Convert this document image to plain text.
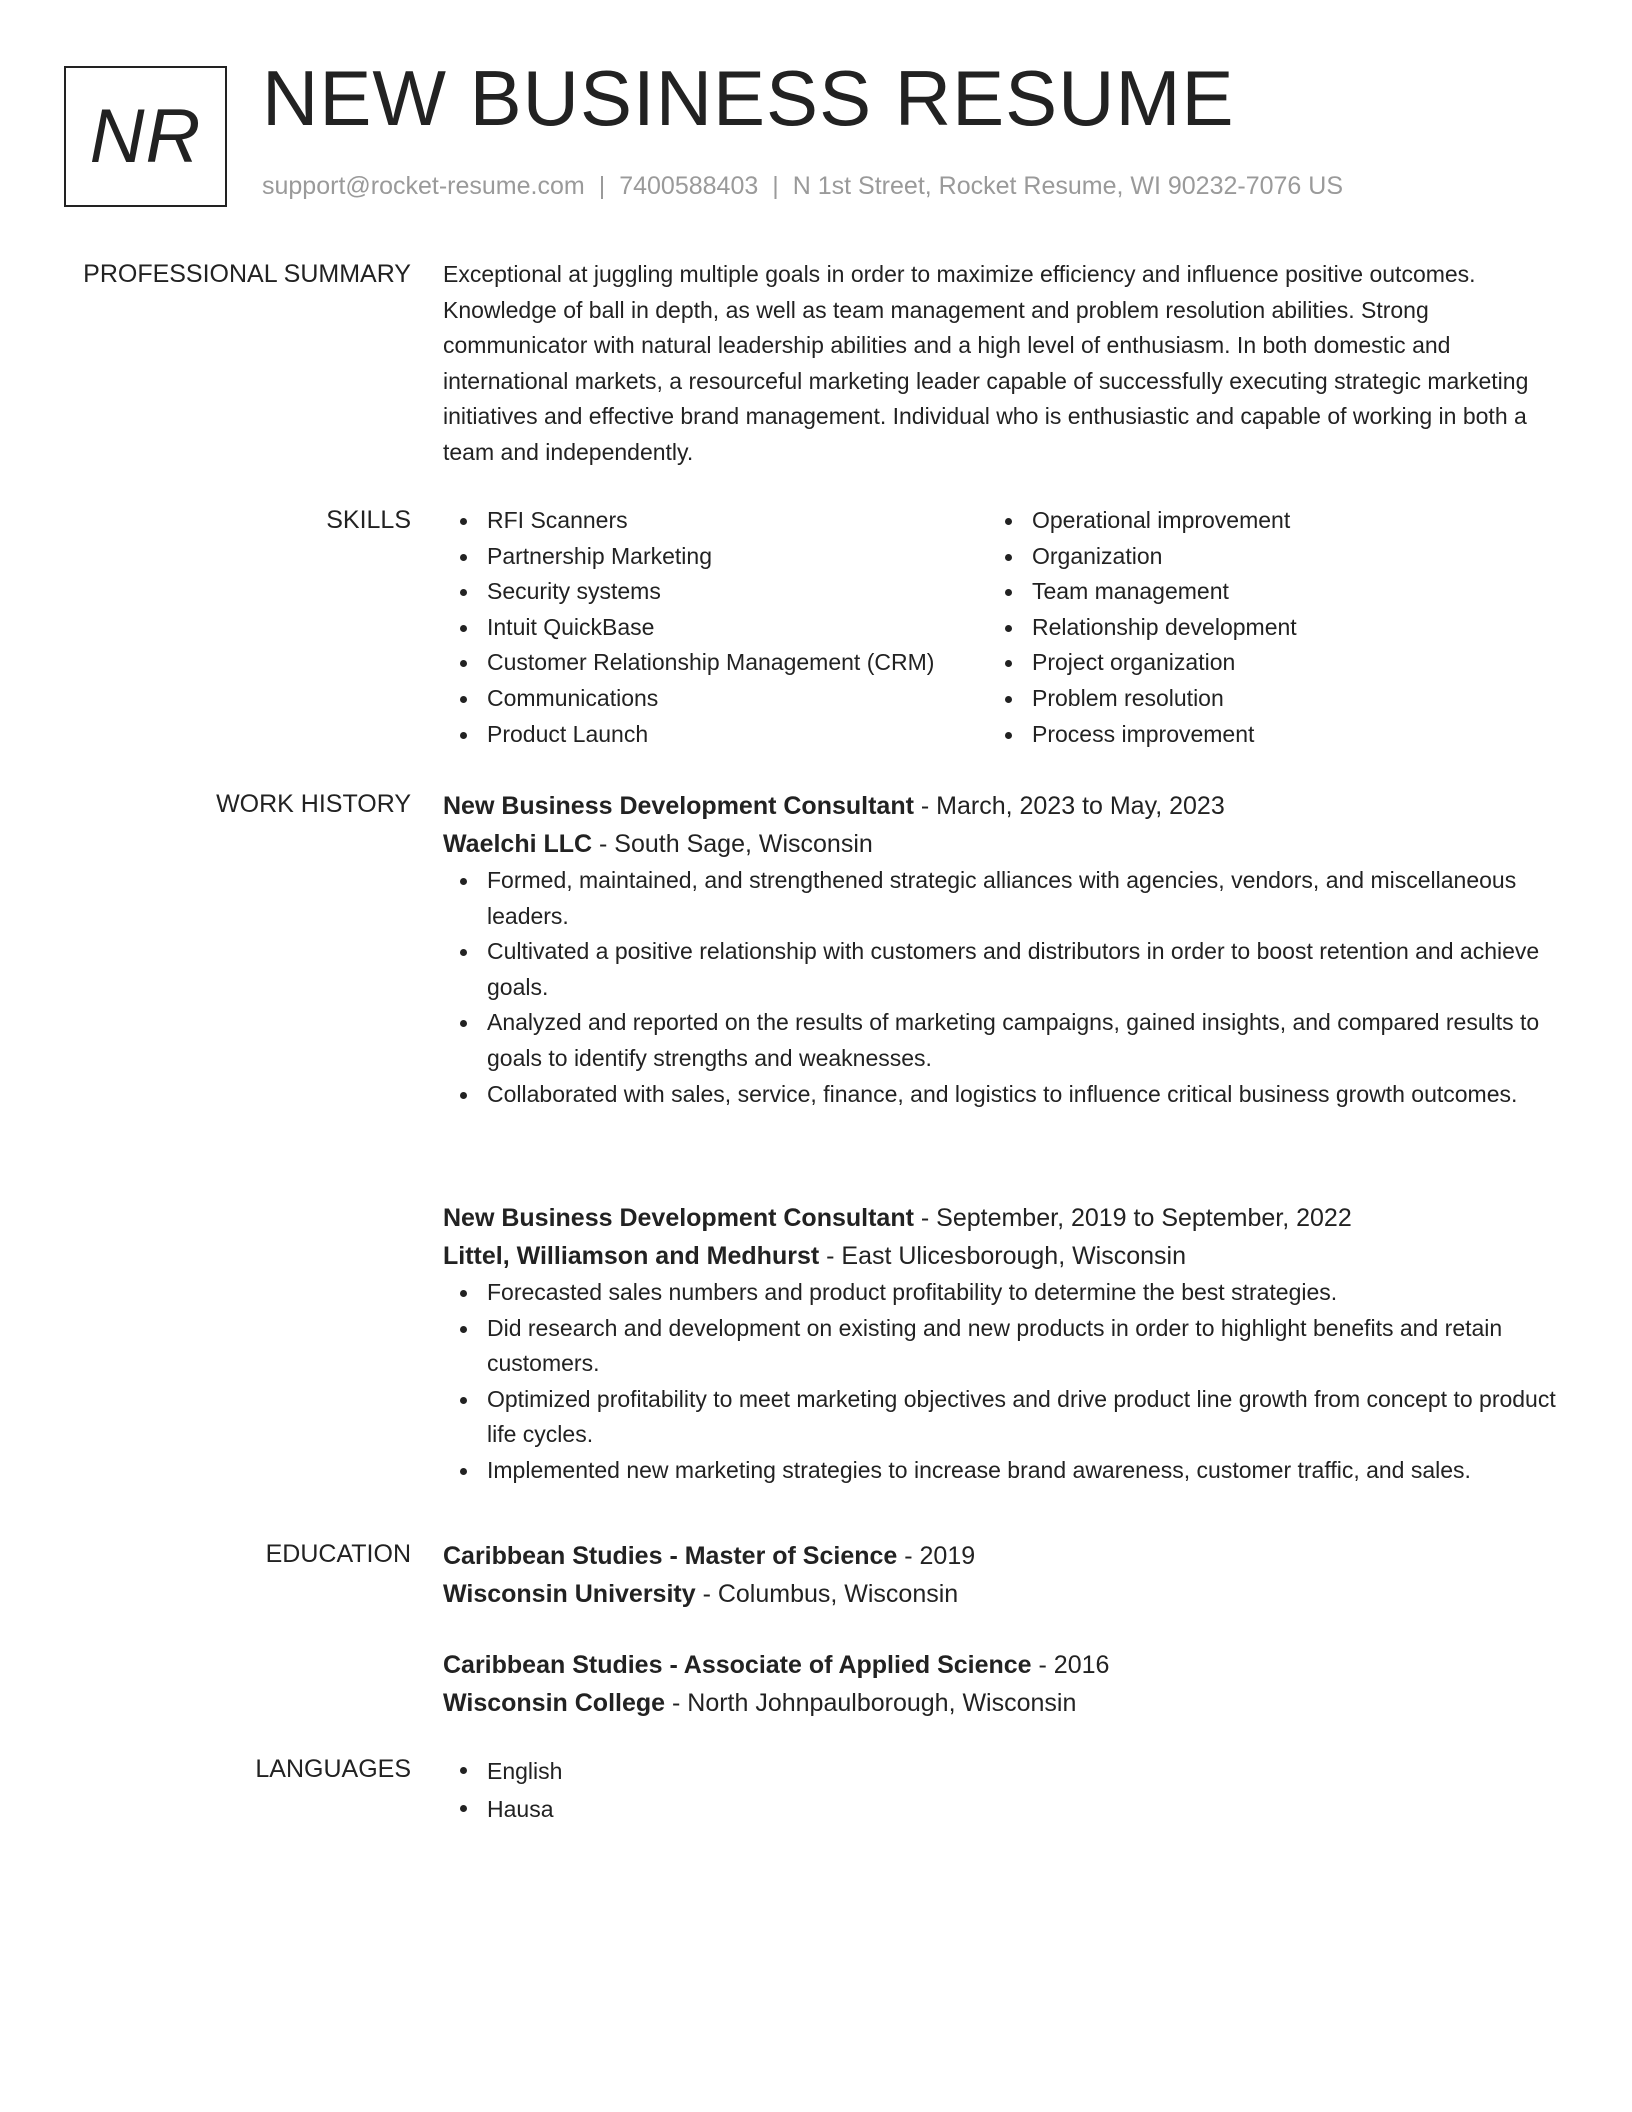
NR NEW BUSINESS RESUME
support@rocket-resume.com | 7400588403 | N 1st Street, Rocket Resume, WI 90232-7076 US
PROFESSIONAL SUMMARY Exceptional at juggling multiple goals in order to maximize efficiency and influence positive outcomes. Knowledge of ball in depth, as well as team management and problem resolution abilities. Strong communicator with natural leadership abilities and a high level of enthusiasm. In both domestic and international markets, a resourceful marketing leader capable of successfully executing strategic marketing initiatives and effective brand management. Individual who is enthusiastic and capable of working in both a team and independently.
SKILLS	RFI Scanners
Partnership Marketing
Security systems
Intuit QuickBase
Customer Relationship Management (CRM)
Communications
Product Launch
Operational improvement
Organization
Team management
Relationship development
Project organization
Problem resolution
Process improvement
WORK HISTORY New Business Development Consultant - March, 2023 to May, 2023
Waelchi LLC - South Sage, Wisconsin
Formed, maintained, and strengthened strategic alliances with agencies, vendors, and miscellaneous leaders.
Cultivated a positive relationship with customers and distributors in order to boost retention and achieve goals.
Analyzed and reported on the results of marketing campaigns, gained insights, and compared results to goals to identify strengths and weaknesses.
Collaborated with sales, service, finance, and logistics to influence critical business growth outcomes.
New Business Development Consultant - September, 2019 to September, 2022
Littel, Williamson and Medhurst - East Ulicesborough, Wisconsin
Forecasted sales numbers and product profitability to determine the best strategies.
Did research and development on existing and new products in order to highlight benefits and retain customers.
Optimized profitability to meet marketing objectives and drive product line growth from concept to product life cycles.
Implemented new marketing strategies to increase brand awareness, customer traffic, and sales.
EDUCATION Caribbean Studies - Master of Science - 2019
Wisconsin University - Columbus, Wisconsin
Caribbean Studies - Associate of Applied Science - 2016
Wisconsin College - North Johnpaulborough, Wisconsin
LANGUAGES	English
Hausa
